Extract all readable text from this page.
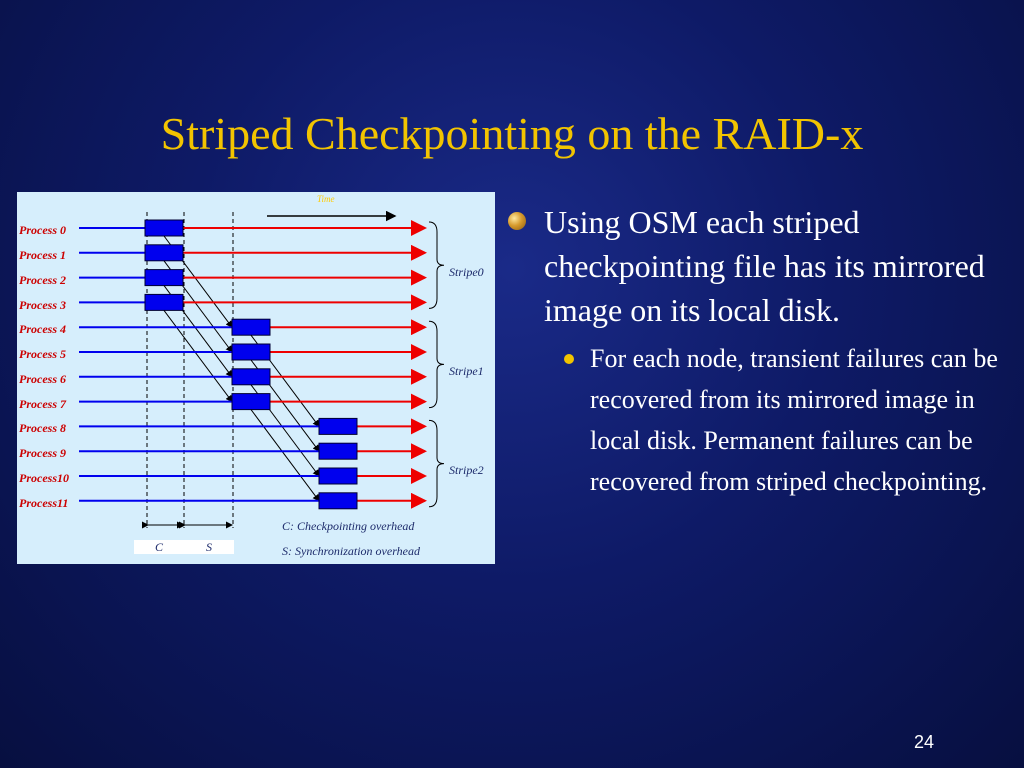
Striped Checkpointing on the RAID-x
Time
Process 0
Process 1
Process 2
Process 3
Process 4
Process 5
Process 6
Process 7
Process 8
Process 9
Process10
Process11
Stripe0
Stripe1
Stripe2
C: Checkpointing overhead
S: Synchronization overhead
C	S
Using OSM each striped checkpointing file has its mirrored image on its local disk.
For each node, transient failures can be recovered from its mirrored image in local disk. Permanent failures can be recovered from striped checkpointing.
24
